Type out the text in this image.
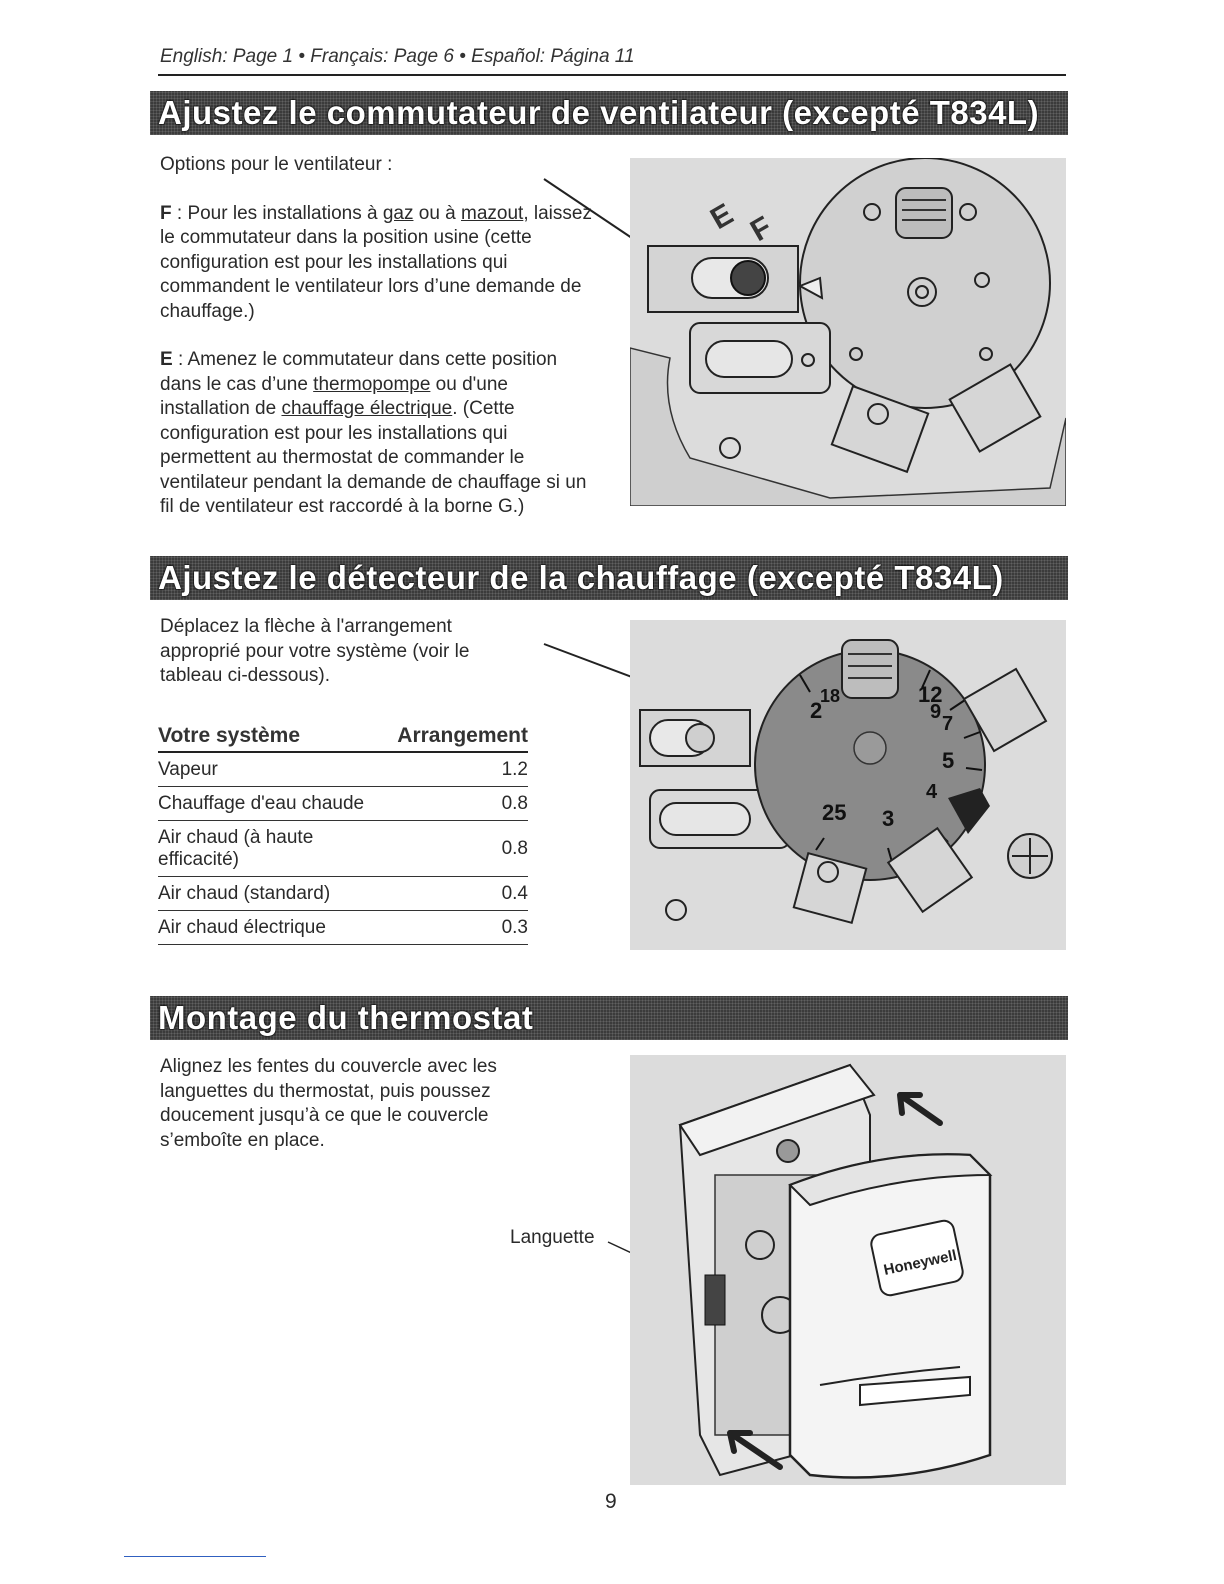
English: Page 1 • Français: Page 6 • Español: Página 11
Ajustez le commutateur de ventilateur (excepté T834L)

Options pour le ventilateur :

F : Pour les installations à gaz ou à mazout, laissez le commutateur dans la position usine (cette configuration est pour les installations qui commandent le ventilateur lors d’une demande de chauffage.)

E : Amenez le commutateur dans cette position dans le cas d’une thermopompe ou d'une installation de chauffage électrique. (Cette configuration est pour les installations qui permettent au thermostat de commander le ventilateur pendant la demande de chauffage si un fil de ventilateur est raccordé à la borne G.)

E F
Ajustez le détecteur de la chauffage (excepté T834L)
Déplacez la flèche à l'arrangement approprié pour votre système (voir le tableau ci-dessous).
Votre système	Arrangement
Vapeur	1.2
Chauffage d'eau chaude	0.8
Air chaud (à haute efficacité)	0.8
Air chaud (standard)	0.4
Air chaud électrique	0.3
12
9
7
5
4
3
25
2
18
Montage du thermostat
Alignez les fentes du couvercle avec les languettes du thermostat, puis poussez doucement jusqu’à ce que le couvercle s’emboîte en place.
Languette
Honeywell
9
